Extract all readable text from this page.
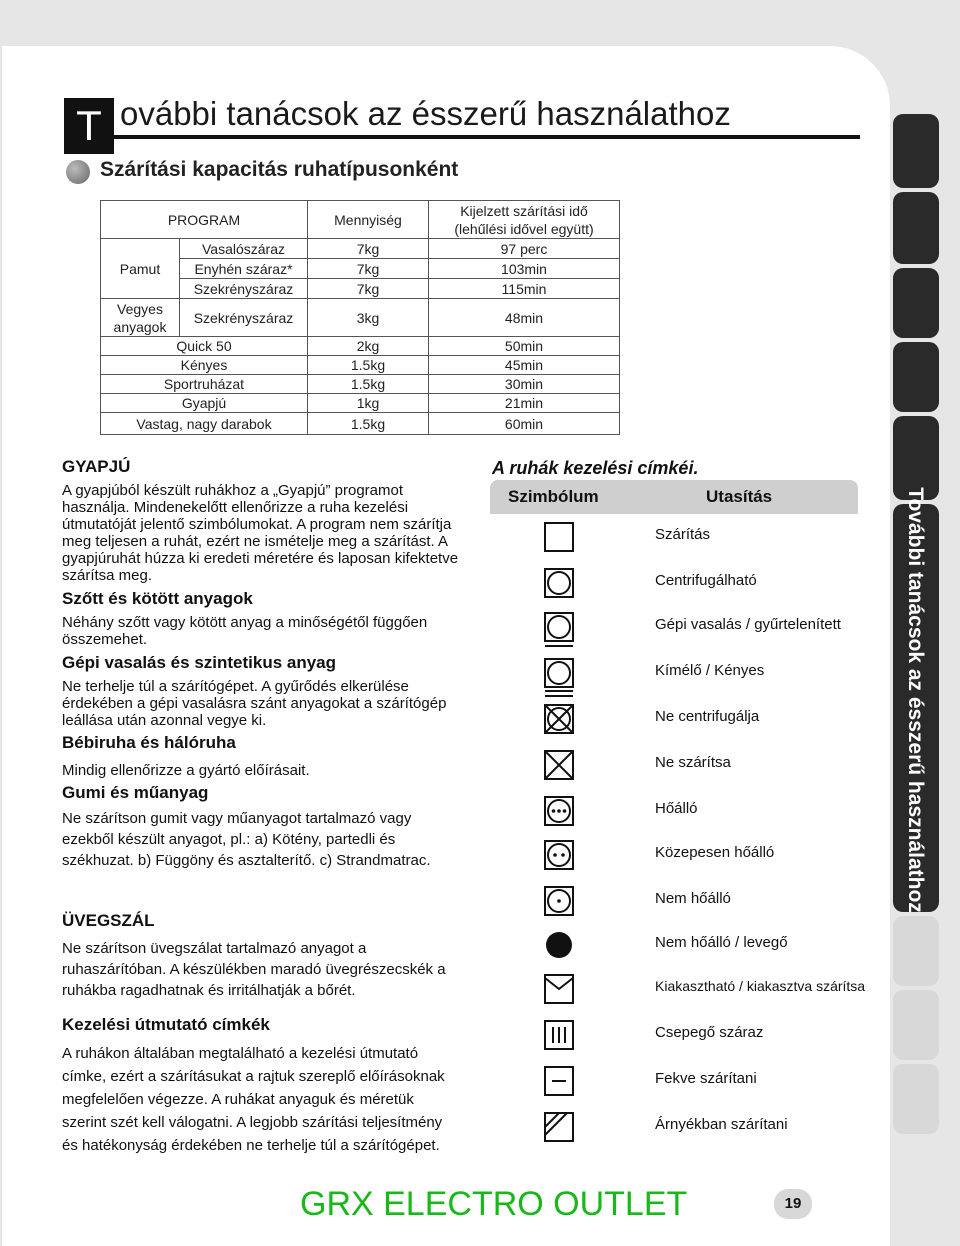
További tanácsok az ésszerű használathoz
T ovábbi tanácsok az ésszerű használathoz
Szárítási kapacitás ruhatípusonként
PROGRAM		Mennyiség	Kijelzett szárítási idő
(lehűlési idővel együtt)

Pamut	Vasalószáraz	7kg	97 perc
	Enyhén száraz*	7kg	103min
	Szekrényszáraz	7kg	115min

Vegyes
anyagok	Szekrényszáraz	3kg	48min
Quick 50		2kg	50min
Kényes		1.5kg	45min
Sportruházat		1.5kg	30min
Gyapjú		1kg	21min
Vastag, nagy darabok		1.5kg	60min

GYAPJÚ

A gyapjúból készült ruhákhoz a „Gyapjú” programot használja. Mindenekelőtt ellenőrizze a ruha kezelési útmutatóját jelentő szimbólumokat. A program nem szárítja meg teljesen a ruhát, ezért ne ismételje meg a szárítást. A gyapjúruhát húzza ki eredeti méretére és laposan kifektetve szárítsa meg.

Szőtt és kötött anyagok

Néhány szőtt vagy kötött anyag a minőségétől függően összemehet.

Gépi vasalás és szintetikus anyag

Ne terhelje túl a szárítógépet. A gyűrődés elkerülése érdekében a gépi vasalásra szánt anyagokat a szárítógép leállása után azonnal vegye ki.

Bébiruha és hálóruha

Mindig ellenőrizze a gyártó előírásait.

Gumi és műanyag

Ne szárítson gumit vagy műanyagot tartalmazó vagy ezekből készült anyagot, pl.: a) Kötény, partedli és székhuzat. b) Függöny és asztalterítő. c) Strandmatrac.

ÜVEGSZÁL

Ne szárítson üvegszálat tartalmazó anyagot a ruhaszárítóban. A készülékben maradó üvegrészecskék a ruhákba ragadhatnak és irritálhatják a bőrét.

Kezelési útmutató címkék

A ruhákon általában megtalálható a kezelési útmutató címke, ezért a szárításukat a rajtuk szereplő előírásoknak megfelelően végezze. A ruhákat anyaguk és méretük szerint szét kell válogatni. A legjobb szárítási teljesítmény és hatékonyság érdekében ne terhelje túl a szárítógépet.

A ruhák kezelési címkéi.
Szimbólum	Utasítás
Szárítás
Centrifugálható
Gépi vasalás / gyűrtelenített
Kímélő / Kényes
Ne centrifugálja
Ne szárítsa
Hőálló
Közepesen hőálló
Nem hőálló
Nem hőálló / levegő
Kiakasztható / kiakasztva szárítsa
Csepegő száraz
Fekve szárítani
Árnyékban szárítani
GRX ELECTRO OUTLET	19
